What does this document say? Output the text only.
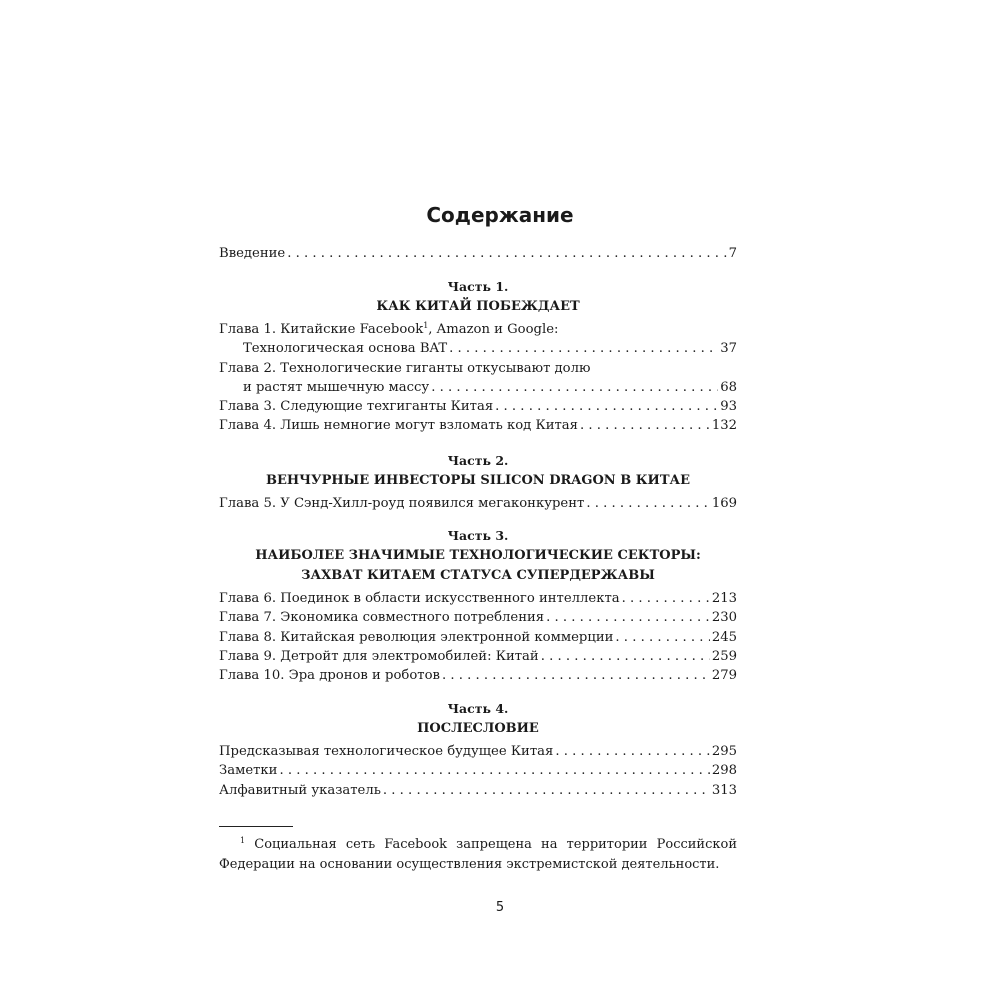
Содержание
Введение . . .	7
Часть 1.
КАК КИТАЙ ПОБЕЖДАЕТ
Глава 1. Китайские Facebook$^1$, Amazon и Google:
Технологическая основа BAT . . .	37
Глава 2. Технологические гиганты откусывают долю
и растят мышечную массу . . .	68
Глава 3. Следующие техгиганты Китая . . .	93
Глава 4. Лишь немногие могут взломать код Китая . . .	132
Часть 2.
ВЕНЧУРНЫЕ ИНВЕСТОРЫ SILICON DRAGON В КИТАЕ
Глава 5. У Сэнд-Хилл-роуд появился мегаконкурент . . .	169
Часть 3.
НАИБОЛЕЕ ЗНАЧИМЫЕ ТЕХНОЛОГИЧЕСКИЕ СЕКТОРЫ:
ЗАХВАТ КИТАЕМ СТАТУСА СУПЕРДЕРЖАВЫ
Глава 6. Поединок в области искусственного интеллекта . . .	213
Глава 7. Экономика совместного потребления . . .	230
Глава 8. Китайская революция электронной коммерции . . .	245
Глава 9. Детройт для электромобилей: Китай . . .	259
Глава 10. Эра дронов и роботов . . .	279
Часть 4.
ПОСЛЕСЛОВИЕ
Предсказывая технологическое будущее Китая . . .	295
Заметки . . .	298
Алфавитный указатель . . .	313
$^1$ Социальная сеть Facebook запрещена на территории Российской Федерации на основании осуществления экстремистской деятельности.
5
